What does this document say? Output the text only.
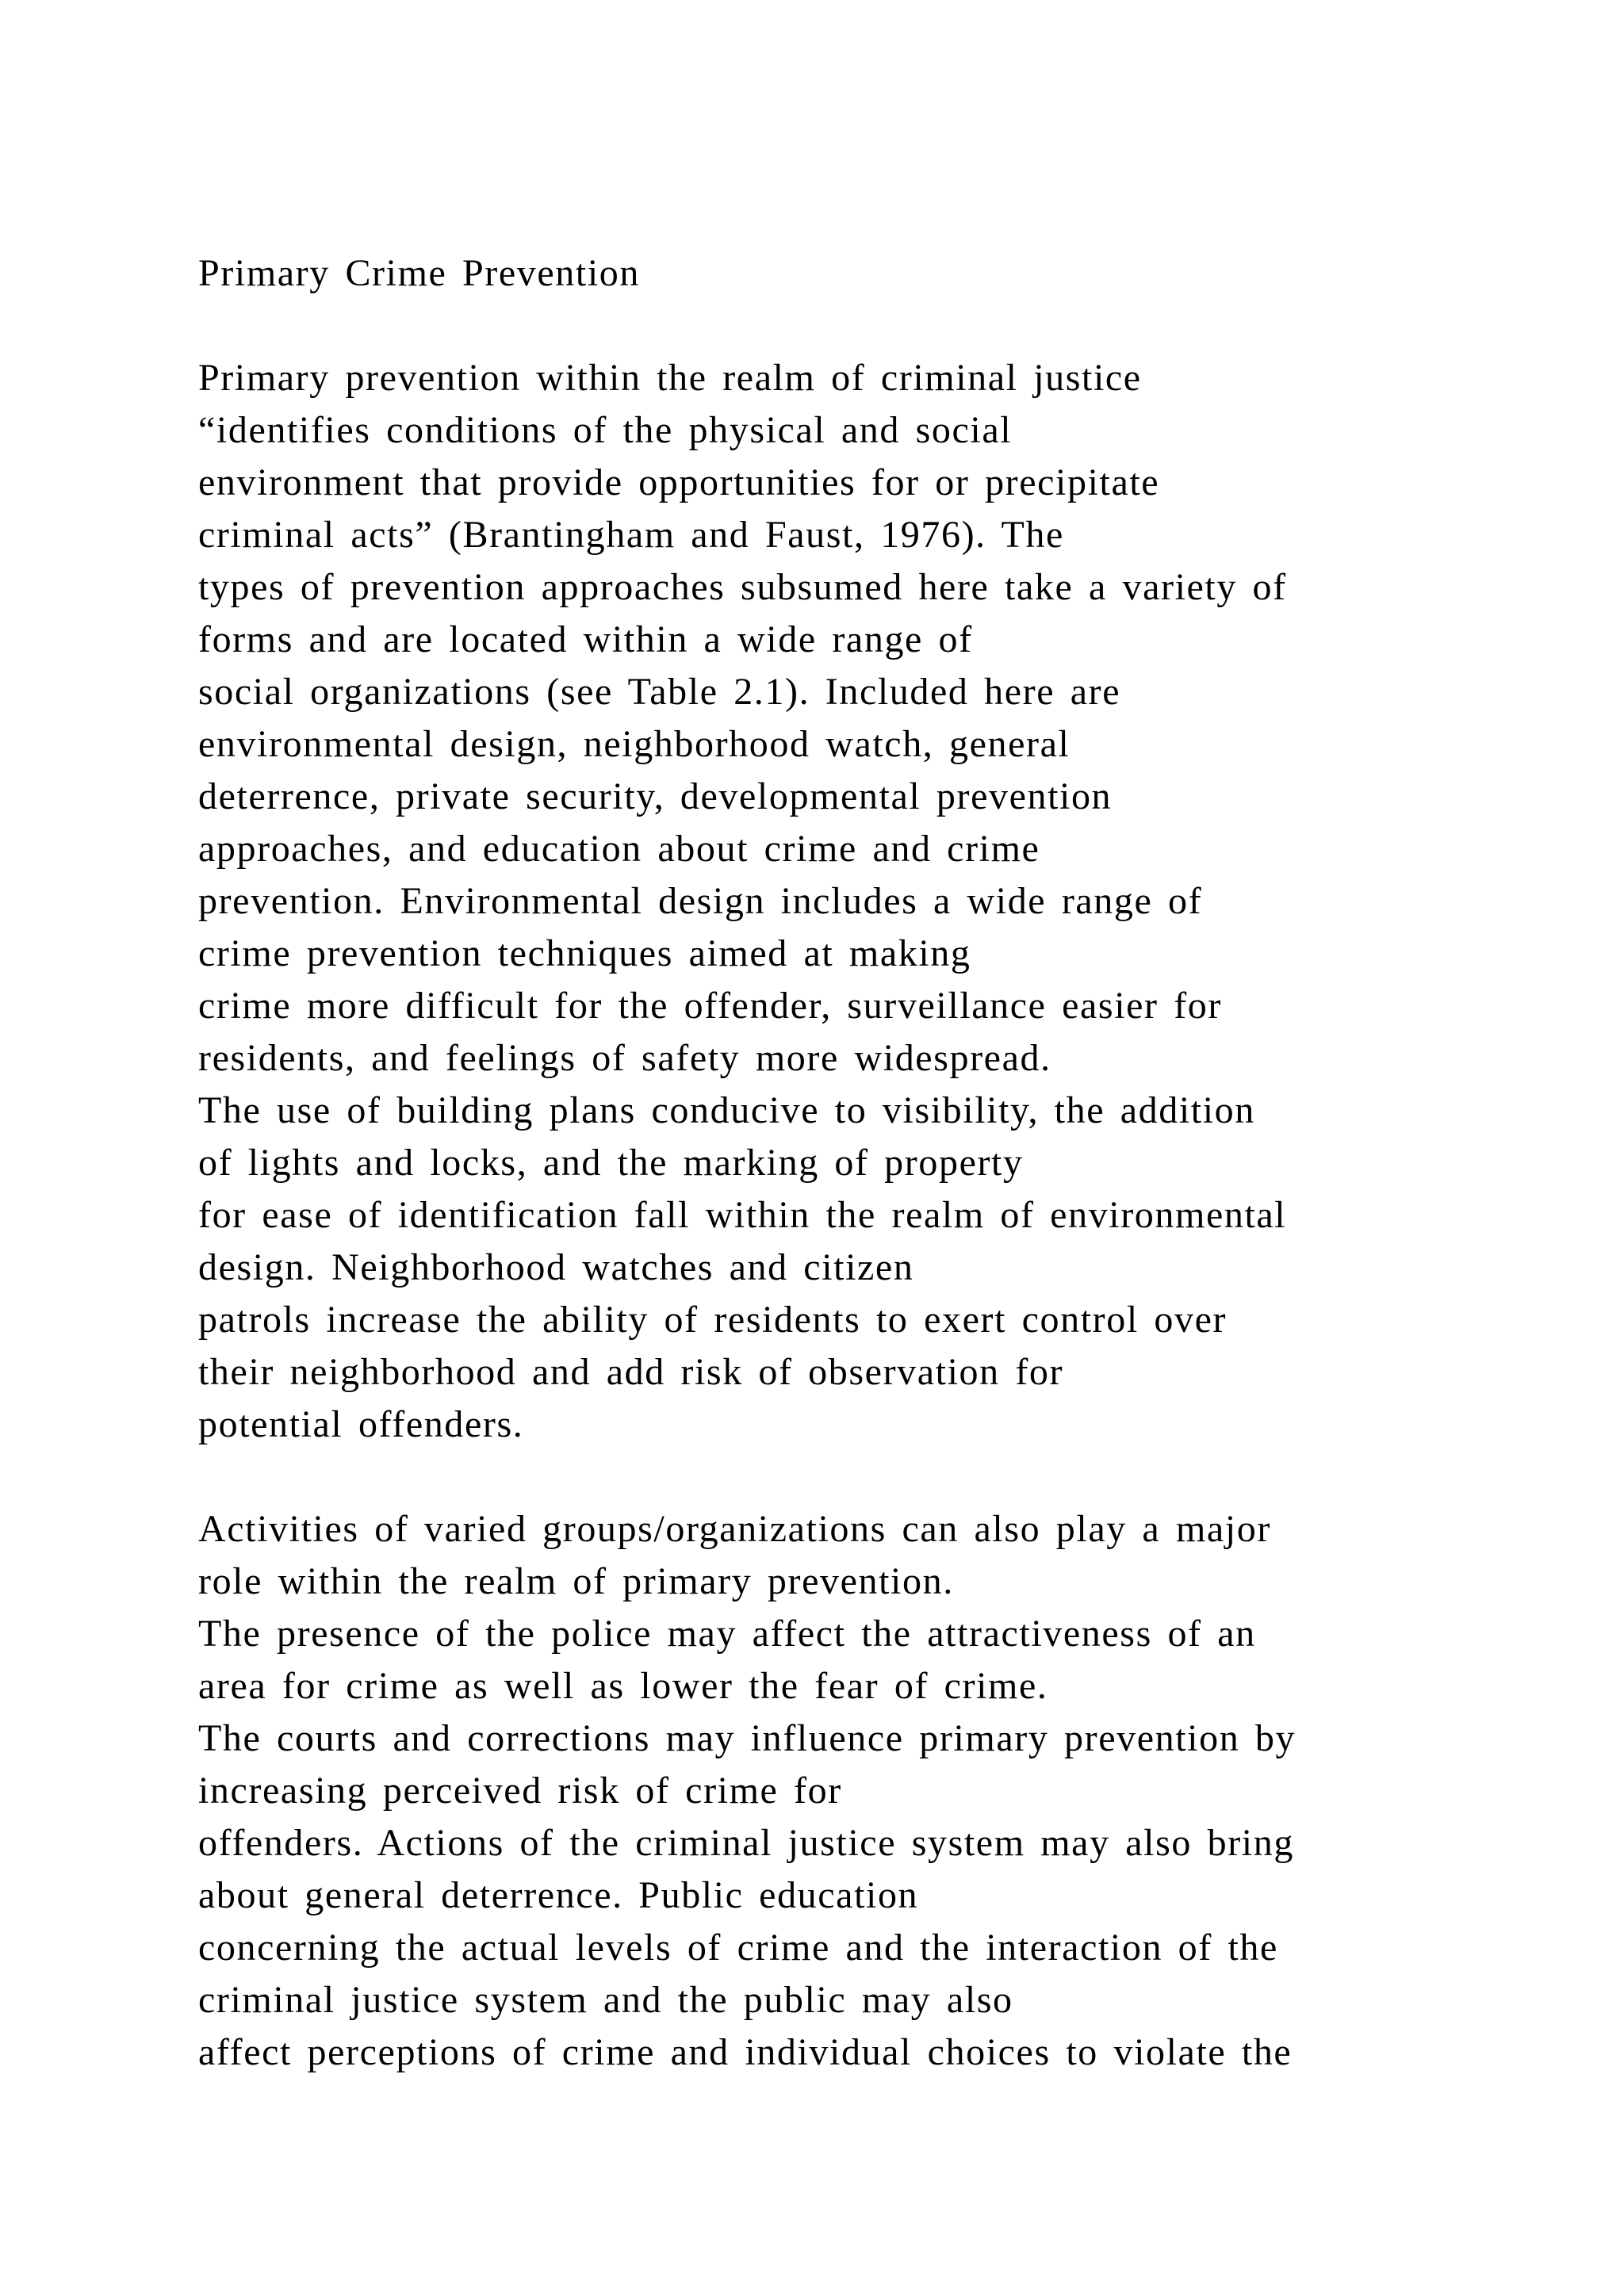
Primary Crime Prevention
Primary prevention within the realm of criminal justice
“identifies conditions of the physical and social
environment that provide opportunities for or precipitate
criminal acts” (Brantingham and Faust, 1976). The
types of prevention approaches subsumed here take a variety of
forms and are located within a wide range of
social organizations (see Table 2.1). Included here are
environmental design, neighborhood watch, general
deterrence, private security, developmental prevention
approaches, and education about crime and crime
prevention. Environmental design includes a wide range of
crime prevention techniques aimed at making
crime more difficult for the offender, surveillance easier for
residents, and feelings of safety more widespread.
The use of building plans conducive to visibility, the addition
of lights and locks, and the marking of property
for ease of identification fall within the realm of environmental
design. Neighborhood watches and citizen
patrols increase the ability of residents to exert control over
their neighborhood and add risk of observation for
potential offenders.
Activities of varied groups/organizations can also play a major
role within the realm of primary prevention.
The presence of the police may affect the attractiveness of an
area for crime as well as lower the fear of crime.
The courts and corrections may influence primary prevention by
increasing perceived risk of crime for
offenders. Actions of the criminal justice system may also bring
about general deterrence. Public education
concerning the actual levels of crime and the interaction of the
criminal justice system and the public may also
affect perceptions of crime and individual choices to violate the
